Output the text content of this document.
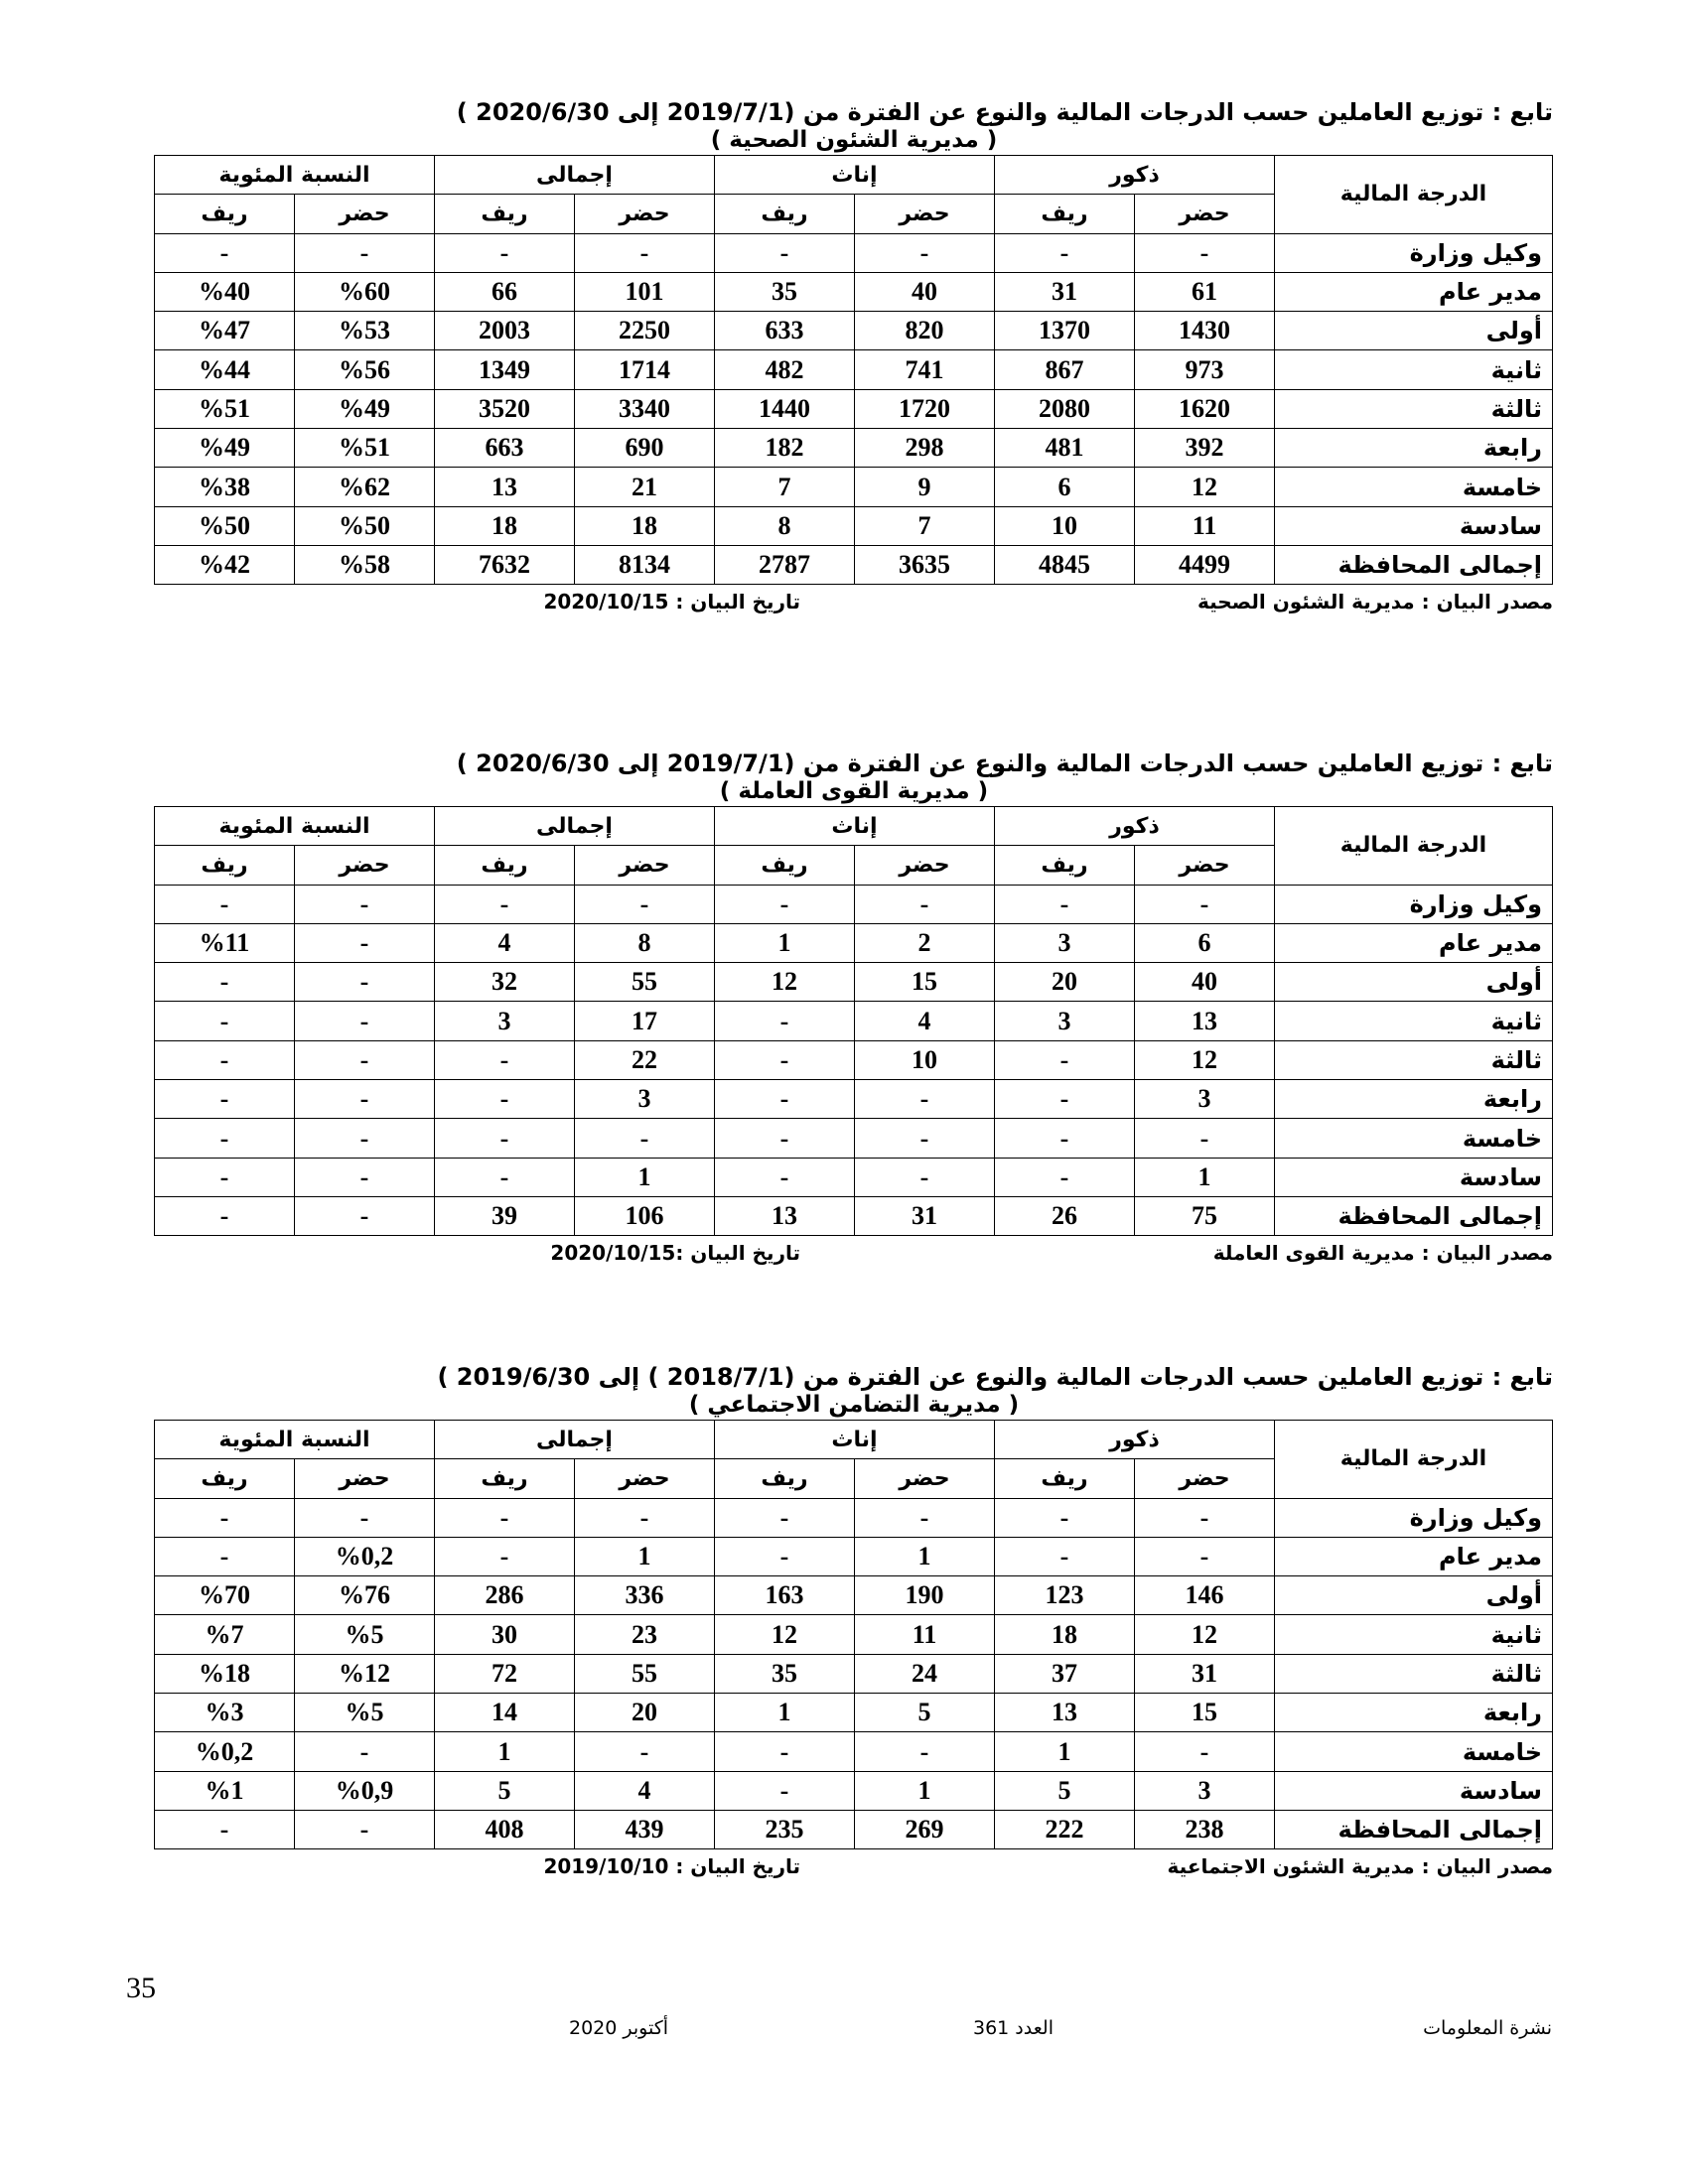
تابع : توزيع العاملين حسب الدرجات المالية والنوع عن الفترة من (2019/7/1 إلى 2020/6/30 )
( مديرية الشئون الصحية )
الدرجة المالية	ذكور		إناث		إجمالى		النسبة المئوية	
	حضر	ريف	حضر	ريف	حضر	ريف	حضر	ريف
وكيل وزارة	-	-	-	-	-	-	-	-
مدير عام	61	31	40	35	101	66	%60	%40
أولى	1430	1370	820	633	2250	2003	%53	%47
ثانية	973	867	741	482	1714	1349	%56	%44
ثالثة	1620	2080	1720	1440	3340	3520	%49	%51
رابعة	392	481	298	182	690	663	%51	%49
خامسة	12	6	9	7	21	13	%62	%38
سادسة	11	10	7	8	18	18	%50	%50
إجمالى المحافظة	4499	4845	3635	2787	8134	7632	%58	%42
مصدر البيان : مديرية الشئون الصحية
تاريخ البيان : 2020/10/15
تابع : توزيع العاملين حسب الدرجات المالية والنوع عن الفترة من (2019/7/1 إلى 2020/6/30 )
( مديرية القوى العاملة )
الدرجة المالية	ذكور		إناث		إجمالى		النسبة المئوية	
	حضر	ريف	حضر	ريف	حضر	ريف	حضر	ريف
وكيل وزارة	-	-	-	-	-	-	-	-
مدير عام	6	3	2	1	8	4	-	%11
أولى	40	20	15	12	55	32	-	-
ثانية	13	3	4	-	17	3	-	-
ثالثة	12	-	10	-	22	-	-	-
رابعة	3	-	-	-	3	-	-	-
خامسة	-	-	-	-	-	-	-	-
سادسة	1	-	-	-	1	-	-	-
إجمالى المحافظة	75	26	31	13	106	39	-	-
مصدر البيان : مديرية القوى العاملة
تاريخ البيان :2020/10/15
تابع : توزيع العاملين حسب الدرجات المالية والنوع عن الفترة من (2018/7/1 ) إلى 2019/6/30 )
( مديرية التضامن الاجتماعي )
الدرجة المالية	ذكور		إناث		إجمالى		النسبة المئوية	
	حضر	ريف	حضر	ريف	حضر	ريف	حضر	ريف
وكيل وزارة	-	-	-	-	-	-	-	-
مدير عام	-	-	1	-	1	-	%0,2	-
أولى	146	123	190	163	336	286	%76	%70
ثانية	12	18	11	12	23	30	%5	%7
ثالثة	31	37	24	35	55	72	%12	%18
رابعة	15	13	5	1	20	14	%5	%3
خامسة	-	1	-	-	-	1	-	%0,2
سادسة	3	5	1	-	4	5	%0,9	%1
إجمالى المحافظة	238	222	269	235	439	408	-	-
مصدر البيان : مديرية الشئون الاجتماعية
تاريخ البيان : 2019/10/10
35
نشرة المعلومات
العدد 361
أكتوبر 2020
